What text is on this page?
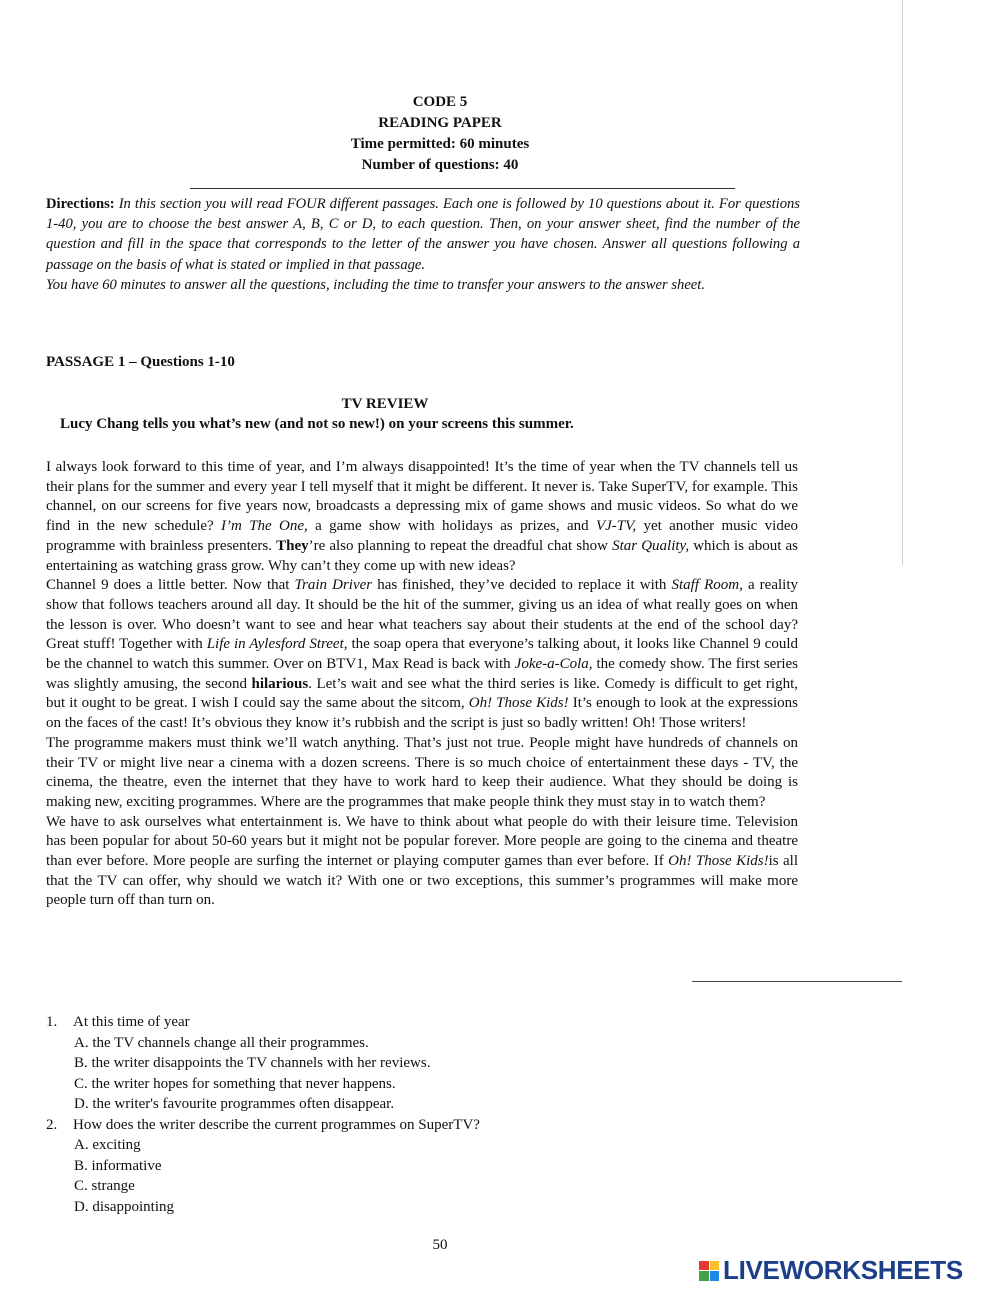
CODE 5
READING PAPER
Time permitted: 60 minutes
Number of questions: 40
Directions: In this section you will read FOUR different passages. Each one is followed by 10 questions about it. For questions 1-40, you are to choose the best answer A, B, C or D, to each question. Then, on your answer sheet, find the number of the question and fill in the space that corresponds to the letter of the answer you have chosen. Answer all questions following a passage on the basis of what is stated or implied in that passage.
You have 60 minutes to answer all the questions, including the time to transfer your answers to the answer sheet.
PASSAGE 1 – Questions 1-10
TV REVIEW
Lucy Chang tells you what’s new (and not so new!) on your screens this summer.

I always look forward to this time of year, and I’m always disappointed! It’s the time of year when the TV channels tell us their plans for the summer and every year I tell myself that it might be different. It never is. Take SuperTV, for example. This channel, on our screens for five years now, broadcasts a depressing mix of game shows and music videos. So what do we find in the new schedule? I’m The One, a game show with holidays as prizes, and VJ-TV, yet another music video programme with brainless presenters. They’re also planning to repeat the dreadful chat show Star Quality, which is about as entertaining as watching grass grow. Why can’t they come up with new ideas?

Channel 9 does a little better. Now that Train Driver has finished, they’ve decided to replace it with Staff Room, a reality show that follows teachers around all day. It should be the hit of the summer, giving us an idea of what really goes on when the lesson is over. Who doesn’t want to see and hear what teachers say about their students at the end of the school day? Great stuff! Together with Life in Aylesford Street, the soap opera that everyone’s talking about, it looks like Channel 9 could be the channel to watch this summer. Over on BTV1, Max Read is back with Joke-a-Cola, the comedy show. The first series was slightly amusing, the second hilarious. Let’s wait and see what the third series is like. Comedy is difficult to get right, but it ought to be great. I wish I could say the same about the sitcom, Oh! Those Kids! It’s enough to look at the expressions on the faces of the cast! It’s obvious they know it’s rubbish and the script is just so badly written! Oh! Those writers!

The programme makers must think we’ll watch anything. That’s just not true. People might have hundreds of channels on their TV or might live near a cinema with a dozen screens. There is so much choice of entertainment these days - TV, the cinema, the theatre, even the internet that they have to work hard to keep their audience. What they should be doing is making new, exciting programmes. Where are the programmes that make people think they must stay in to watch them?

We have to ask ourselves what entertainment is. We have to think about what people do with their leisure time. Television has been popular for about 50-60 years but it might not be popular forever. More people are going to the cinema and theatre than ever before. More people are surfing the internet or playing computer games than ever before. If Oh! Those Kids!is all that the TV can offer, why should we watch it? With one or two exceptions, this summer’s programmes will make more people turn off than turn on.

1.	At this time of year
A. the TV channels change all their programmes.
B. the writer disappoints the TV channels with her reviews.
C. the writer hopes for something that never happens.
D. the writer's favourite programmes often disappear.
2.	How does the writer describe the current programmes on SuperTV?
A. exciting
B. informative
C. strange
D. disappointing
50
LIVEWORKSHEETS
